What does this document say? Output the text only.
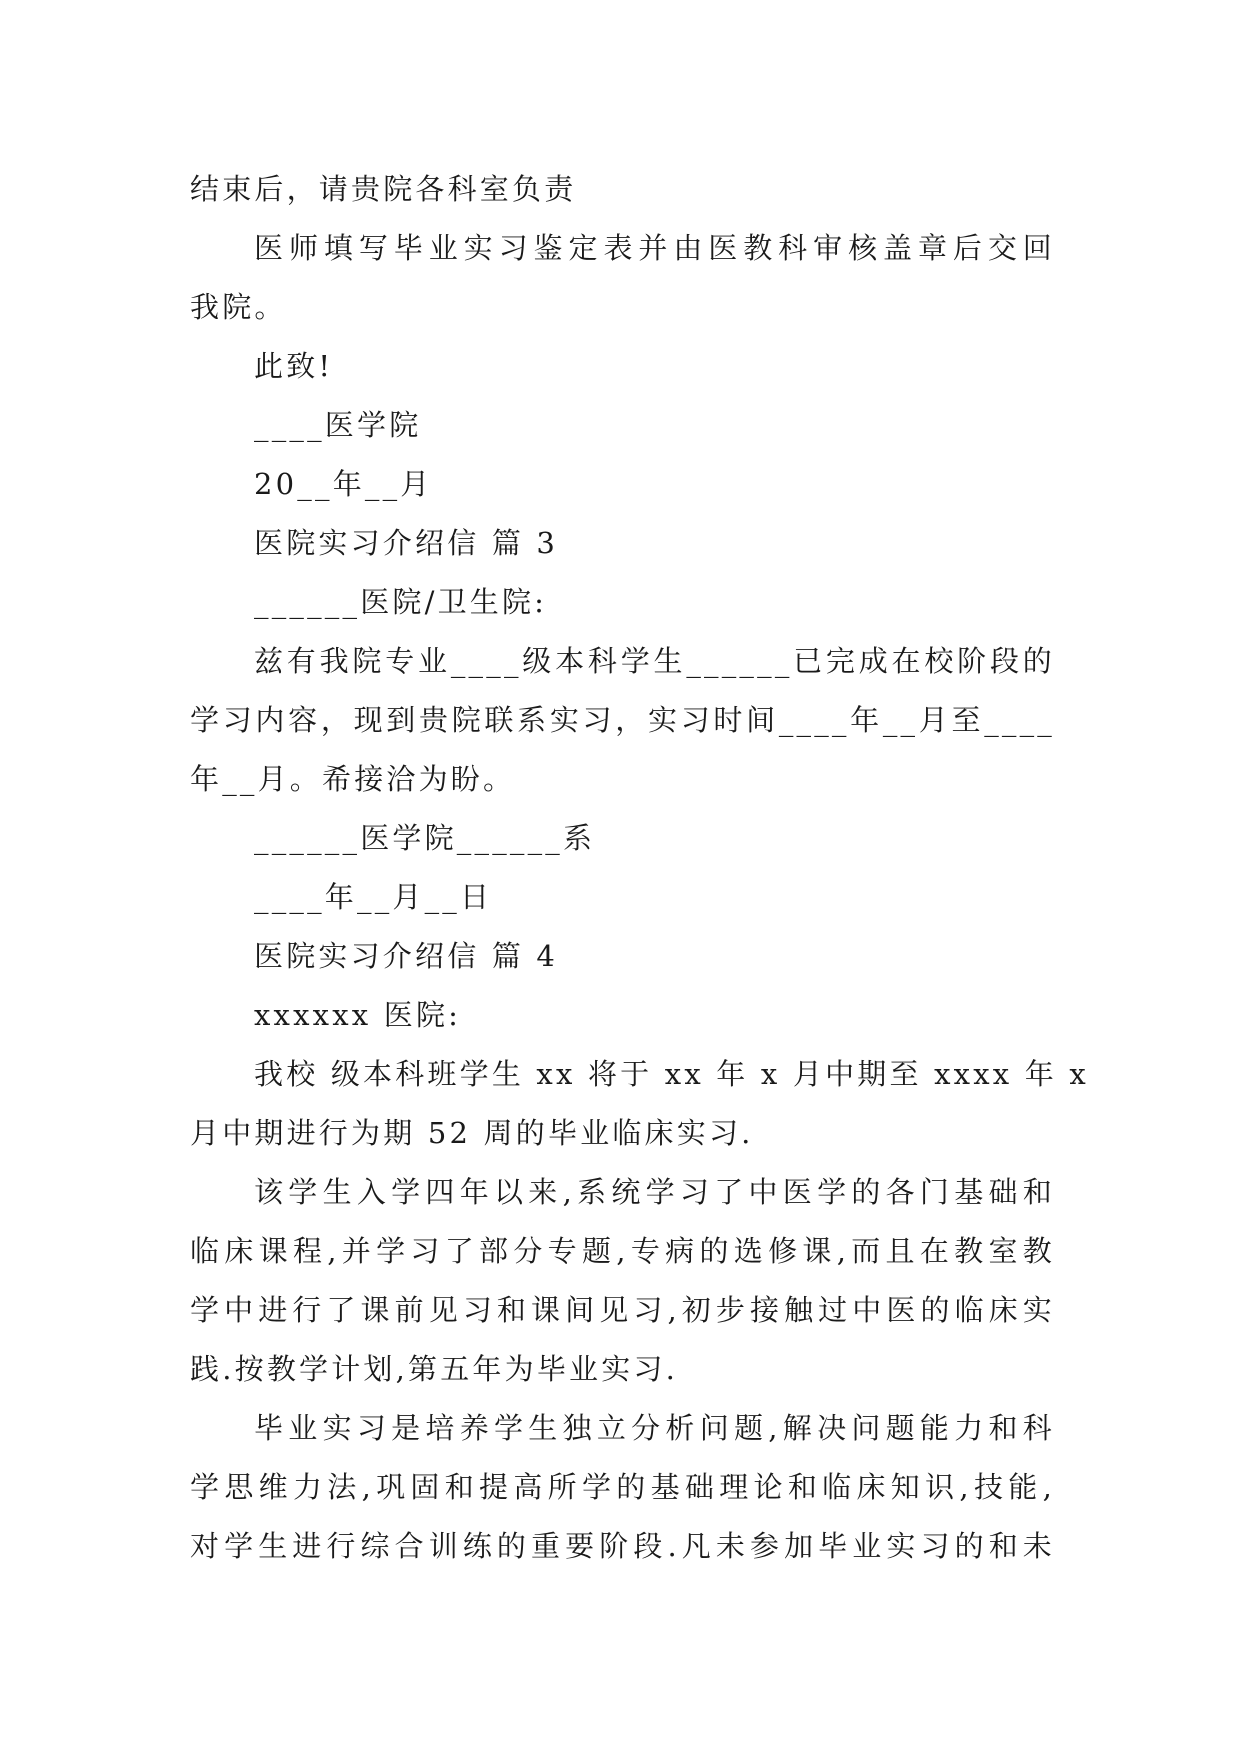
结束后，请贵院各科室负责
医师填写毕业实习鉴定表并由医教科审核盖章后交回
我院。
此致!
____医学院
20__年__月
医院实习介绍信 篇 3
______医院/卫生院:
兹有我院专业____级本科学生______已完成在校阶段的
学习内容，现到贵院联系实习，实习时间____年__月至____
年__月。希接洽为盼。
______医学院______系
____年__月__日
医院实习介绍信 篇 4
xxxxxx 医院:
我校 级本科班学生 xx 将于 xx 年 x 月中期至 xxxx 年 x
月中期进行为期 52 周的毕业临床实习.
该学生入学四年以来,系统学习了中医学的各门基础和
临床课程,并学习了部分专题,专病的选修课,而且在教室教
学中进行了课前见习和课间见习,初步接触过中医的临床实
践.按教学计划,第五年为毕业实习.
毕业实习是培养学生独立分析问题,解决问题能力和科
学思维力法,巩固和提高所学的基础理论和临床知识,技能,
对学生进行综合训练的重要阶段.凡未参加毕业实习的和未
